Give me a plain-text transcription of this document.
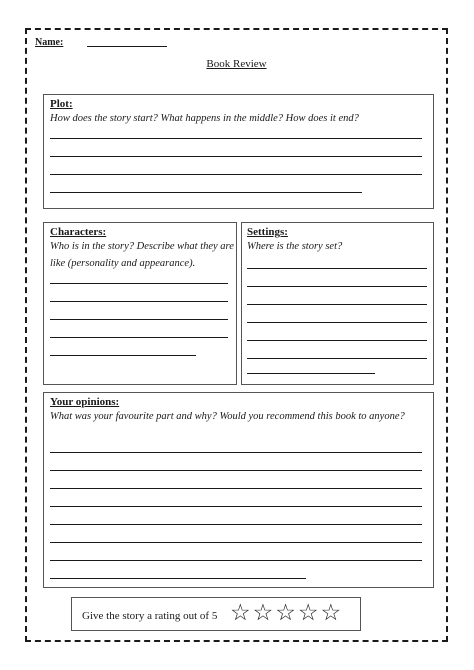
Name:
Book Review
Plot:
How does the story start? What happens in the middle? How does it end?
Characters:
Who is in the story? Describe what they are like (personality and appearance).
Settings:
Where is the story set?
Your opinions:
What was your favourite part and why? Would you recommend this book to anyone?
Give the story a rating out of 5 ☆ ☆ ☆ ☆ ☆
